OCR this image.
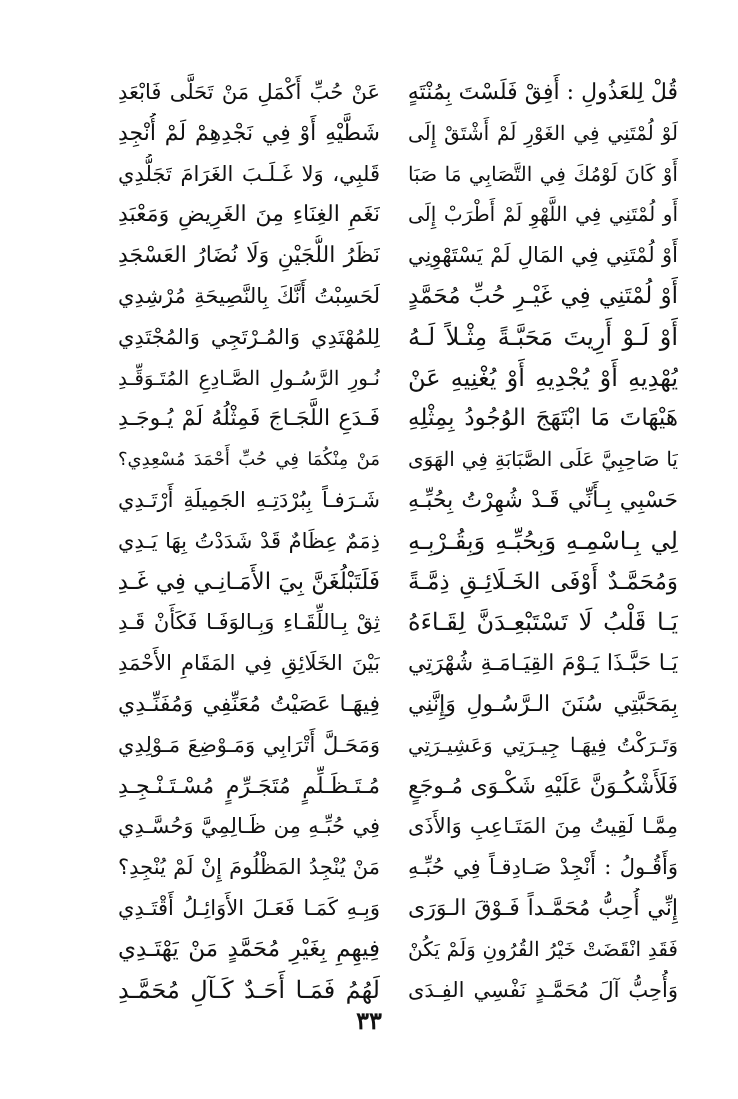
قُلْ لِلعَذُولِ : أَفِقْ فَلَسْتَ بِمُنْتَهٍ
عَنْ حُبِّ أَكْمَلِ مَنْ تَحَلَّى فَابْعَدِ
لَوْ لُمْتَنِي فِي الغَوْرِ لَمْ أَشْتَقْ إِلَى
شَطَّيْهِ أَوْ فِي نَجْدِهِمْ لَمْ أُنْجِدِ
أَوْ كَانَ لَوْمُكَ فِي التَّصَابِي مَا صَبَا
قَلبِي، وَلا غَـلَـبَ الغَرَامَ تَجَلُّدِي
أَو لُمْتَنِي فِي اللَّهْوِ لَمْ أَطْرَبْ إِلَى
نَغَمِ الغِنَاءِ مِنَ الغَرِيضِ وَمَعْبَدِ
أَوْ لُمْتَنِي فِي المَالِ لَمْ يَسْتَهْوِنِي
نَظَرُ اللُّجَيْنِ وَلَا نُضَارُ العَسْجَدِ
أَوْ لُمْتَنِي فِي غَيْـرِ حُبِّ مُحَمَّدٍ
لَحَسِبْتُ أَنَّكَ بِالنَّصِيحَةِ مُرْشِدِي
أَوْ لَـوْ أَرِيتَ مَحَبَّـةً مِثْـلاً لَـهُ
لِلمُهْتَدِي وَالمُـرْتَجِي وَالمُجْتَدِي
يُهْدِيهِ أَوْ يُجْدِيهِ أَوْ يُغْنِيهِ عَنْ
نُـورِ الرَّسُـولِ الصَّـادِعِ المُتَـوَقِّـدِ
هَيْهَاتَ مَا ابْتَهَجَ الوُجُودُ بِمِثْلِهِ
فَـدَعِ اللَّجَـاجَ فَمِثْلُهُ لَمْ يُـوجَـدِ
يَا صَاحِبِيَّ عَلَى الصَّبَابَةِ فِي الهَوَى
مَنْ مِنْكُمَا فِي حُبِّ أَحْمَدَ مُسْعِدِي؟
حَسْبِي بِـأَنِّي قَـدْ شُهِرْتُ بِحُبِّـهِ
شَـرَفـاً بِبُرْدَتِـهِ الجَمِيلَةِ أَرْتَـدِي
لِي بِـاسْمِـهِ وَبِحُبِّـهِ وَبِقُـرْبِـهِ
ذِمَمٌ عِظَامٌ قَدْ شَدَدْتُ بِهَا يَـدِي
وَمُحَمَّـدٌ أَوْفَى الخَـلَائِـقِ ذِمَّـةً
فَلَتَبْلُغَنَّ بِيَ الأَمَـانِـي فِي غَـدِ
يَـا قَلْبُ لَا تَسْتَبْعِـدَنَّ لِقَـاءَهُ
ثِقْ بِـاللِّقَـاءِ وَبِـالوَفَـا فَكَأَنْ قَـدِ
يَـا حَبَّـذَا يَـوْمَ القِيَـامَـةِ شُهْرَتِي
بَيْنَ الخَلَائِقِ فِي المَقَامِ الأَحْمَدِ
بِمَحَبَّتِي سُنَنَ الـرَّسُـولِ وَإِنَّنِي
فِيهَـا عَصَيْتُ مُعَنِّفِي وَمُفَنِّـدِي
وَتَـرَكْتُ فِيهَـا جِيـرَتِي وَعَشِيـرَتِي
وَمَحَـلَّ أَتْرَابِي وَمَـوْضِعَ مَـوْلِدِي
فَلَأَشْكُـوَنَّ عَلَيْهِ شَكْـوَى مُـوجَعٍ
مُـتَـظَـلِّمٍ مُتَجَـرِّمٍ مُسْـتَـنْـجِـدِ
مِمَّـا لَقِيتُ مِنَ المَتَـاعِبِ وَالأَذَى
فِي حُبِّـهِ مِن ظَـالِمِيَّ وَحُسَّـدِي
وَأَقُـولُ : أَنْجِدْ صَـادِقـاً فِي حُبِّـهِ
مَنْ يُنْجِدُ المَظْلُومَ إِنْ لَمْ يُنْجِدِ؟
إِنِّي أُحِبُّ مُحَمَّـداً فَـوْقَ الـوَرَى
وَبِـهِ كَمَـا فَعَـلَ الأَوَائِـلُ أَقْتَـدِي
فَقَدِ انْقَضَتْ خَيْرُ القُرُونِ وَلَمْ يَكُنْ
فِيهِمِ بِغَيْرِ مُحَمَّدٍ مَنْ يَهْتَـدِي
وَأُحِبُّ آلَ مُحَمَّـدٍ نَفْسِي الفِـدَى
لَهُمُ فَمَـا أَحَـدٌ كَـآلِ مُحَمَّـدِ
٣٣
